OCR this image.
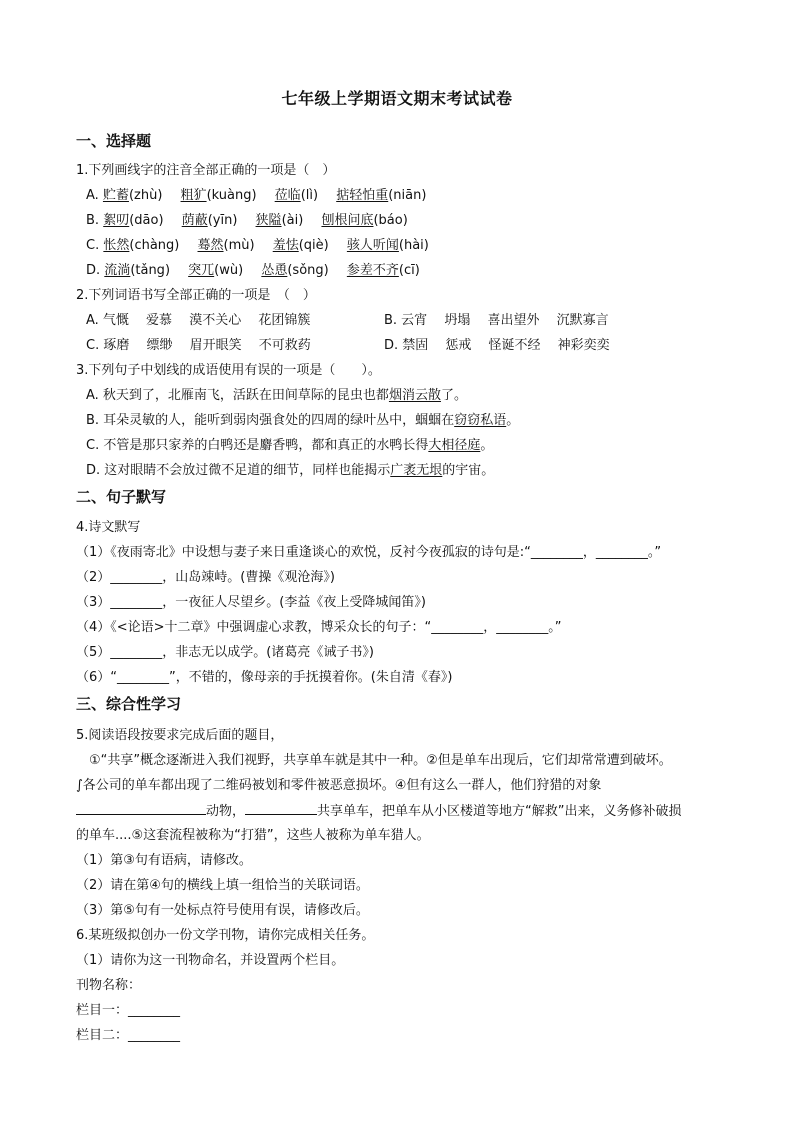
七年级上学期语文期末考试试卷
一、选择题
1.下列画线字的注音全部正确的一项是（　）
A. 贮蓄(zhù) 粗犷(kuàng) 莅临(lì) 掂轻怕重(niān)
B. 絮叨(dāo) 荫蔽(yīn) 狭隘(ài) 刨根问底(báo)
C. 怅然(chàng) 蓦然(mù) 羞怯(qiè) 骇人听闻(hài)
D. 流淌(tǎng) 突兀(wù) 怂恿(sǒng) 参差不齐(cī)
2.下列词语书写全部正确的一项是　（　）
A. 气慨　 爱慕　 漠不关心　 花团锦簇	B. 云宵　 坍塌　 喜出望外　 沉默寡言
C. 琢磨　 缥缈　 眉开眼笑　 不可救药	D. 禁固　 惩戒　 怪诞不经　 神彩奕奕
3.下列句子中划线的成语使用有误的一项是（　　）。
A. 秋天到了，北雁南飞，活跃在田间草际的昆虫也都烟消云散了。
B. 耳朵灵敏的人，能听到弱肉强食处的四周的绿叶丛中，蝈蝈在窃窃私语。
C. 不管是那只家养的白鸭还是麝香鸭，都和真正的水鸭长得大相径庭。
D. 这对眼睛不会放过微不足道的细节，同样也能揭示广袤无垠的宇宙。
二、句子默写
4.诗文默写
（1）《夜雨寄北》中设想与妻子来日重逢谈心的欢悦，反衬今夜孤寂的诗句是:“________，________。”
（2）________，山岛竦峙。(曹操《观沧海》)
（3）________，一夜征人尽望乡。(李益《夜上受降城闻笛》)
（4）《<论语>十二章》中强调虚心求教，博采众长的句子：“________，________。”
（5）________，非志无以成学。(诸葛亮《诫子书》)
（6）“________”，不错的，像母亲的手抚摸着你。(朱自清《春》)
三、综合性学习
5.阅读语段按要求完成后面的题目，
　①“共享”概念逐渐进入我们视野，共享单车就是其中一种。②但是单车出现后，它们却常常遭到破坏。
∫各公司的单车都出现了二维码被划和零件被恶意损坏。④但有这么一群人，他们狩猎的对象
动物，	共享单车，把单车从小区楼道等地方“解救”出来，义务修补破损
的单车....⑤这套流程被称为“打猎”，这些人被称为单车猎人。
（1）第③句有语病，请修改。
（2）请在第④句的横线上填一组恰当的关联词语。
（3）第⑤句有一处标点符号使用有误，请修改后。
6.某班级拟创办一份文学刊物，请你完成相关任务。
（1）请你为这一刊物命名，并设置两个栏目。
刊物名称：
栏目一：________
栏目二：________
